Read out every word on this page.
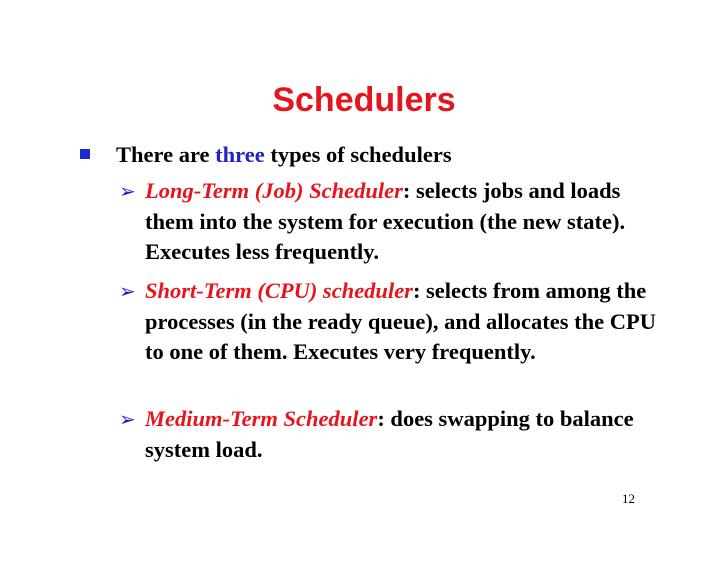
Schedulers
There are three types of schedulers
➢ Long-Term (Job) Scheduler: selects jobs and loads them into the system for execution (the new state). Executes less frequently.
➢ Short-Term (CPU) scheduler: selects from among the processes (in the ready queue), and allocates the CPU to one of them. Executes very frequently.
➢ Medium-Term Scheduler: does swapping to balance system load.
12
